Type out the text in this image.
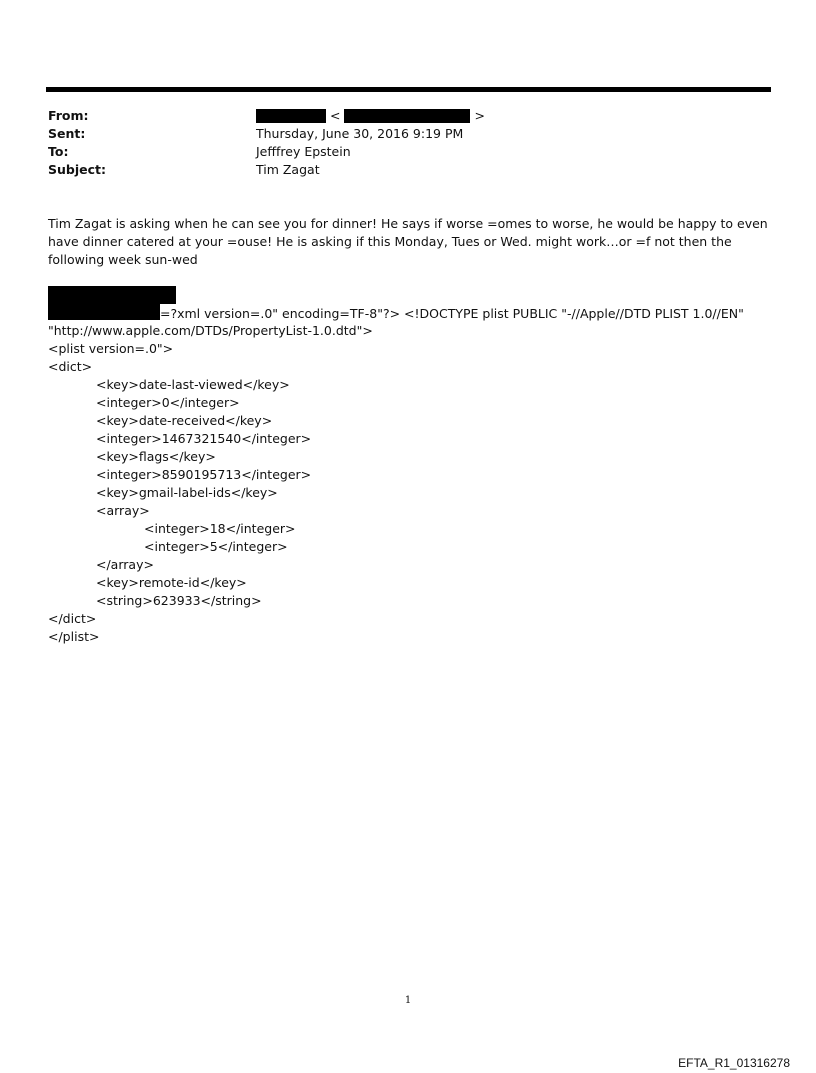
From:	<	>
Sent:	Thursday, June 30, 2016 9:19 PM
To:	Jefffrey Epstein
Subject:	Tim Zagat
Tim Zagat is asking when he can see you for dinner! He says if worse =omes to worse, he would be happy to even have dinner catered at your =ouse! He is asking if this Monday, Tues or Wed. might work…or =f not then the following week sun-wed
=?xml version=.0" encoding=TF-8"?> <!DOCTYPE plist PUBLIC "-//Apple//DTD PLIST 1.0//EN"
"http://www.apple.com/DTDs/PropertyList-1.0.dtd">
<plist version=.0">
<dict>
<key>date-last-viewed</key>
<integer>0</integer>
<key>date-received</key>
<integer>1467321540</integer>
<key>flags</key>
<integer>8590195713</integer>
<key>gmail-label-ids</key>
<array>
<integer>18</integer>
<integer>5</integer>
</array>
<key>remote-id</key>
<string>623933</string>
</dict>
</plist>
1
EFTA_R1_01316278
